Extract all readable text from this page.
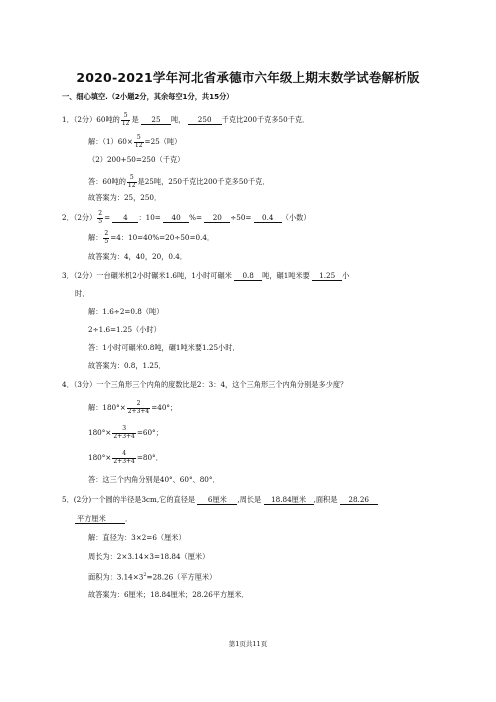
2020-2021学年河北省承德市六年级上期末数学试卷解析版
一、细心填空.（2小题2分，其余每空1分，共15分）
1．（2分）60吨的 $\frac{5}{12}$ 是 25 吨， 250 千克比200千克多50千克．
解：$(1)60\times \frac{5}{12} =25$（吨）
（2）200+50=250（千克）
答：60吨的 $\frac{5}{12}$ 是25吨，250千克比200千克多50千克．
故答案为：25，250．
2．（2分） $\frac{2}{5} = 4$ ：10= 40 %= 20 ÷50= 0.4 （小数）
解： $\frac{2}{5} =4$：10=40%=20÷50=0.4．
故答案为：4，40，20，0.4．
3．（2分）一台碾米机2小时碾米1.6吨，1小时可碾米 0.8 吨，碾1吨米要 1.25 小
时．
解：1.6÷2=0.8（吨）
2÷1.6=1.25（小时）
答：1小时可碾米0.8吨，碾1吨米要1.25小时．
故答案为：0.8，1.25．
4．（3分）一个三角形三个内角的度数比是2：3：4，这个三角形三个内角分别是多少度？
解：$180^\circ\times \frac{2}{2+3+4} =40^\circ$；
$180^\circ\times \frac{3}{2+3+4} =60^\circ$；
$180^\circ\times \frac{4}{2+3+4} =80^\circ$．
答：这三个内角分别是40°、60°、80°．
5．(2分)一个圆的半径是3cm,它的直径是 6厘米 ,周长是 18.84厘米 ,面积是 28.26
平方厘米	．
解：直径为：3×2=6（厘米）
周长为：2×3.14×3=18.84（厘米）
面积为：$3.14\times 3^2=28.26$（平方厘米）
故答案为：6厘米；18.84厘米；28.26平方厘米．
第1页共11页
